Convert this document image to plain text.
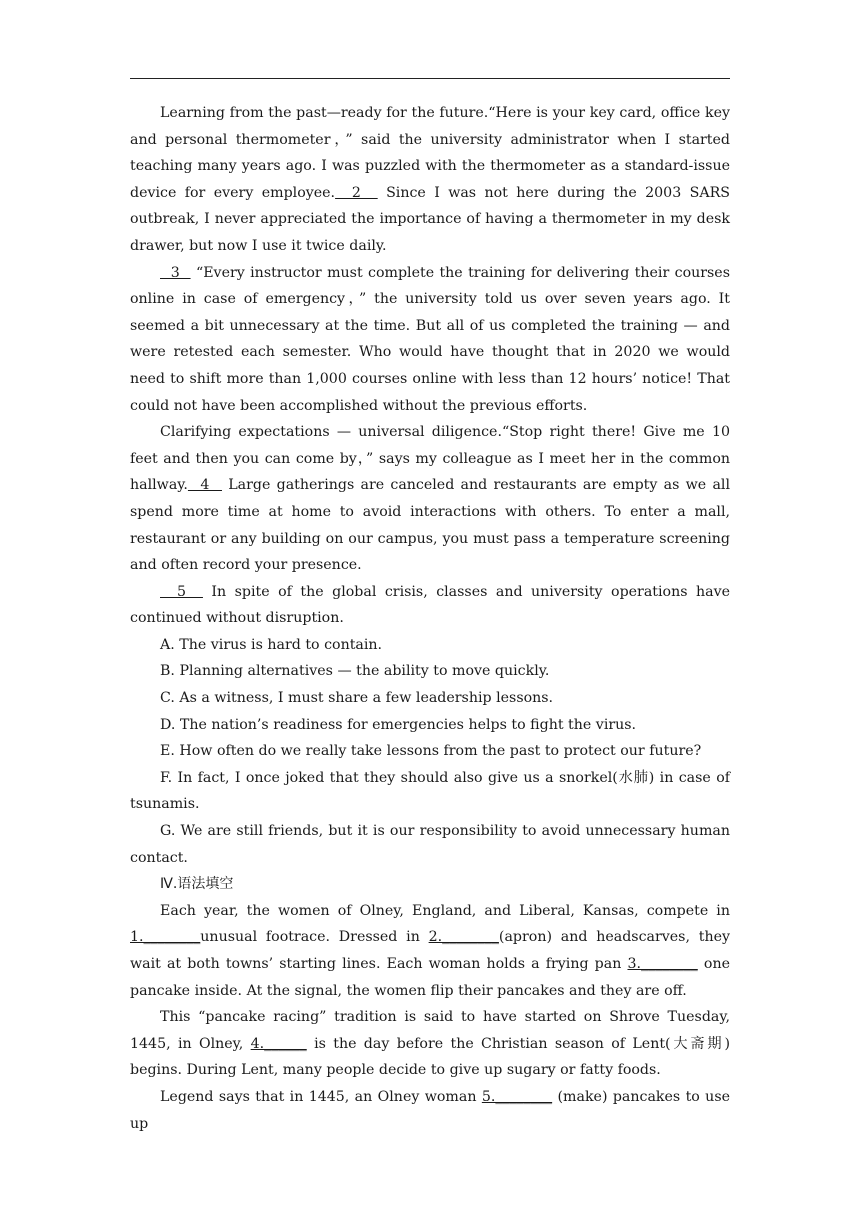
Learning from the past—ready for the future.“Here is your key card, office key and personal thermometer，” said the university administrator when I started teaching many years ago. I was puzzled with the thermometer as a standard-issue device for every employee.  2   Since I was not here during the 2003 SARS outbreak, I never appreciated the importance of having a thermometer in my desk drawer, but now I use it twice daily.

3   “Every instructor must complete the training for delivering their courses online in case of emergency，” the university told us over seven years ago. It seemed a bit unnecessary at the time. But all of us completed the training — and were retested each semester. Who would have thought that in 2020 we would need to shift more than 1,000 courses online with less than 12 hours’ notice! That could not have been accomplished without the previous efforts.

Clarifying expectations — universal diligence.“Stop right there! Give me 10 feet and then you can come by，” says my colleague as I meet her in the common hallway.  4   Large gatherings are canceled and restaurants are empty as we all spend more time at home to avoid interactions with others. To enter a mall, restaurant or any building on our campus, you must pass a temperature screening and often record your presence.

5   In spite of the global crisis, classes and university operations have continued without disruption.

A. The virus is hard to contain.

B. Planning alternatives — the ability to move quickly.

C. As a witness, I must share a few leadership lessons.

D. The nation’s readiness for emergencies helps to fight the virus.

E. How often do we really take lessons from the past to protect our future?

F. In fact, I once joked that they should also give us a snorkel(水肺) in case of tsunamis.

G. We are still friends, but it is our responsibility to avoid unnecessary human contact.

Ⅳ.语法填空

Each year, the women of Olney, England, and Liberal, Kansas, compete in 1.________unusual footrace. Dressed in 2.________(apron) and headscarves, they wait at both towns’ starting lines. Each woman holds a frying pan 3.________ one pancake inside. At the signal, the women flip their pancakes and they are off.

This “pancake racing” tradition is said to have started on Shrove Tuesday, 1445, in Olney, 4.______ is the day before the Christian season of Lent(大斋期) begins. During Lent, many people decide to give up sugary or fatty foods.

Legend says that in 1445, an Olney woman 5.________ (make) pancakes to use up
